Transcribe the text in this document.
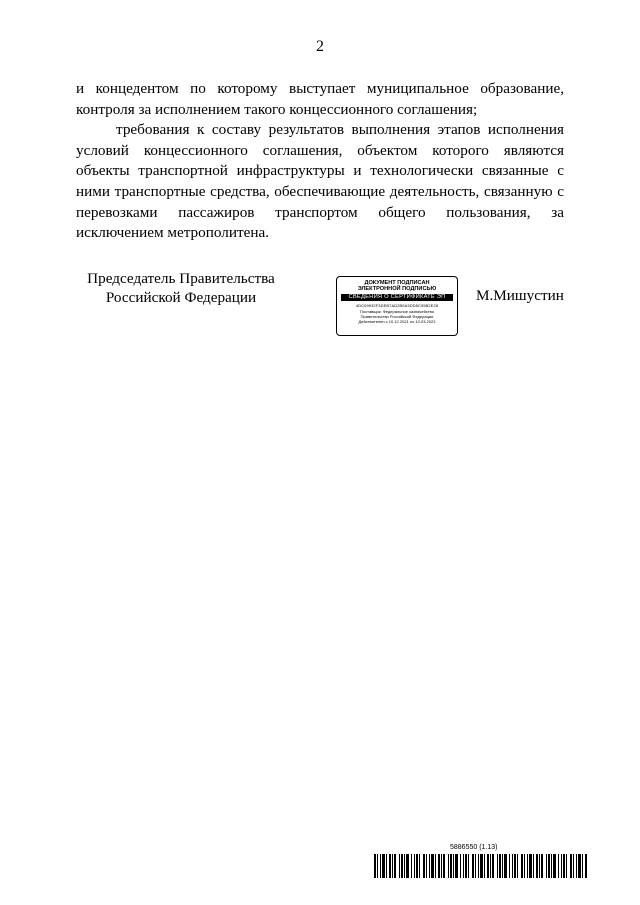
2

и концедентом по которому выступает муниципальное образование, контроля за исполнением такого концессионного соглашения;

требования к составу результатов выполнения этапов исполнения условий концессионного соглашения, объектом которого являются объекты транспортной инфраструктуры и технологически связанные с ними транспортные средства, обеспечивающие деятельность, связанную с перевозками пассажиров транспортом общего пользования, за исключением метрополитена.

Председатель Правительства
Российской Федерации
ДОКУМЕНТ ПОДПИСАН
ЭЛЕКТРОННОЙ ПОДПИСЬЮ
СВЕДЕНИЯ О СЕРТИФИКАТЕ ЭП
4DC09932F3DEB7AD2B9A3DD5C95B2E28
Поставщик: Федеральное казначейство
Правительство Российской Федерации
Действителен с 10.12.2021 по 10.03.2023
М.Мишустин
5886550 (1.13)
